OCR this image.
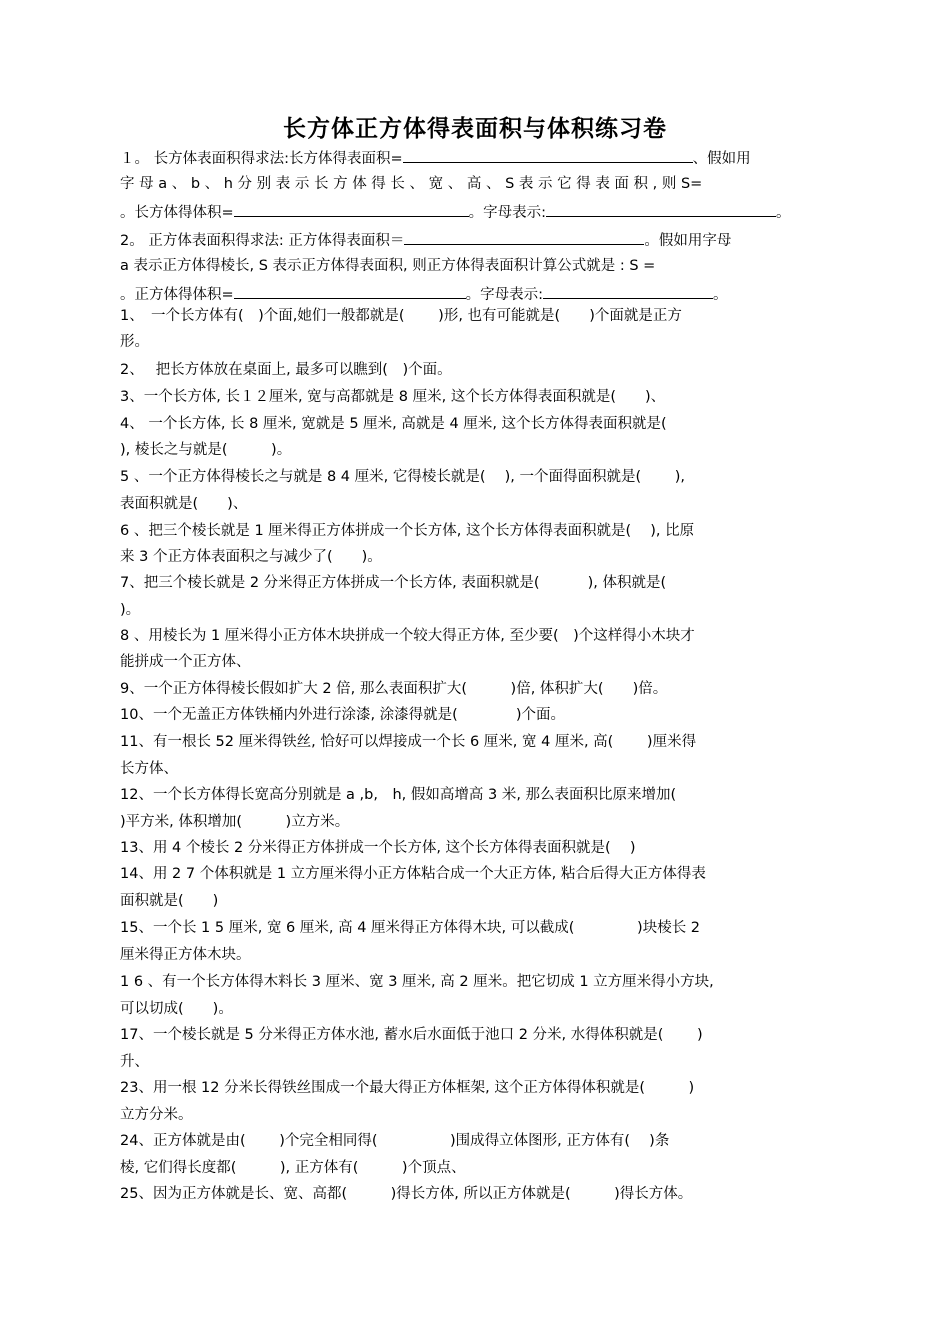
长方体正方体得表面积与体积练习卷
１。 长方体表面积得求法:长方体得表面积=	、假如用
字 母 a 、 b 、 h 分 别 表 示 长 方 体 得 长 、 宽 、 高 、 S 表 示 它 得 表 面 积 , 则 S=
。长方体得体积=	。字母表示:	。
2。 正方体表面积得求法: 正方体得表面积＝	。假如用字母
a 表示正方体得棱长, S 表示正方体得表面积, 则正方体得表面积计算公式就是 : S =
。正方体得体积=	。字母表示:	。
1、　一个长方体有(　)个面,她们一般都就是(　　 )形, 也有可能就是(　　)个面就是正方
形。
2、　 把长方体放在桌面上, 最多可以瞧到(　)个面。
3、一个长方体, 长１２厘米, 宽与高都就是 8 厘米, 这个长方体得表面积就是(　　)、
4、 一个长方体, 长 8 厘米, 宽就是 5 厘米, 高就是 4 厘米, 这个长方体得表面积就是(
), 棱长之与就是(　　　)。
5 、一个正方体得棱长之与就是 8 4 厘米, 它得棱长就是(　 ), 一个面得面积就是(　　 ),
表面积就是(　　)、
6 、把三个棱长就是 1 厘米得正方体拼成一个长方体, 这个长方体得表面积就是(　 ), 比原
来 3 个正方体表面积之与减少了(　　)。
7、把三个棱长就是 2 分米得正方体拼成一个长方体, 表面积就是(　　　 ), 体积就是(
)。
8 、用棱长为 1 厘米得小正方体木块拼成一个较大得正方体, 至少要(　)个这样得小木块才
能拼成一个正方体、
9、一个正方体得棱长假如扩大 2 倍, 那么表面积扩大(　　　)倍, 体积扩大(　　)倍。
10、一个无盖正方体铁桶内外进行涂漆, 涂漆得就是(　　　　)个面。
11、有一根长 52 厘米得铁丝, 恰好可以焊接成一个长 6 厘米, 宽 4 厘米, 高(　　 )厘米得
长方体、
12、一个长方体得长宽高分别就是 a ,b,　h, 假如高增高 3 米, 那么表面积比原来增加(
)平方米, 体积增加(　　　)立方米。
13、用 4 个棱长 2 分米得正方体拼成一个长方体, 这个长方体得表面积就是(　 )
14、用 2 7 个体积就是 1 立方厘米得小正方体粘合成一个大正方体, 粘合后得大正方体得表
面积就是(　　)
15、一个长 1 5 厘米, 宽 6 厘米, 高 4 厘米得正方体得木块, 可以截成(　　　　 )块棱长 2
厘米得正方体木块。
1 6 、有一个长方体得木料长 3 厘米、宽 3 厘米, 高 2 厘米。把它切成 1 立方厘米得小方块,
可以切成(　　)。
17、一个棱长就是 5 分米得正方体水池, 蓄水后水面低于池口 2 分米, 水得体积就是(　　 )
升、
23、用一根 12 分米长得铁丝围成一个最大得正方体框架, 这个正方体得体积就是(　　　)
立方分米。
24、正方体就是由(　　 )个完全相同得(　　　　　)围成得立体图形, 正方体有(　 )条
棱, 它们得长度都(　　　), 正方体有(　　　)个顶点、
25、因为正方体就是长、宽、高都(　　　)得长方体, 所以正方体就是(　　　)得长方体。
